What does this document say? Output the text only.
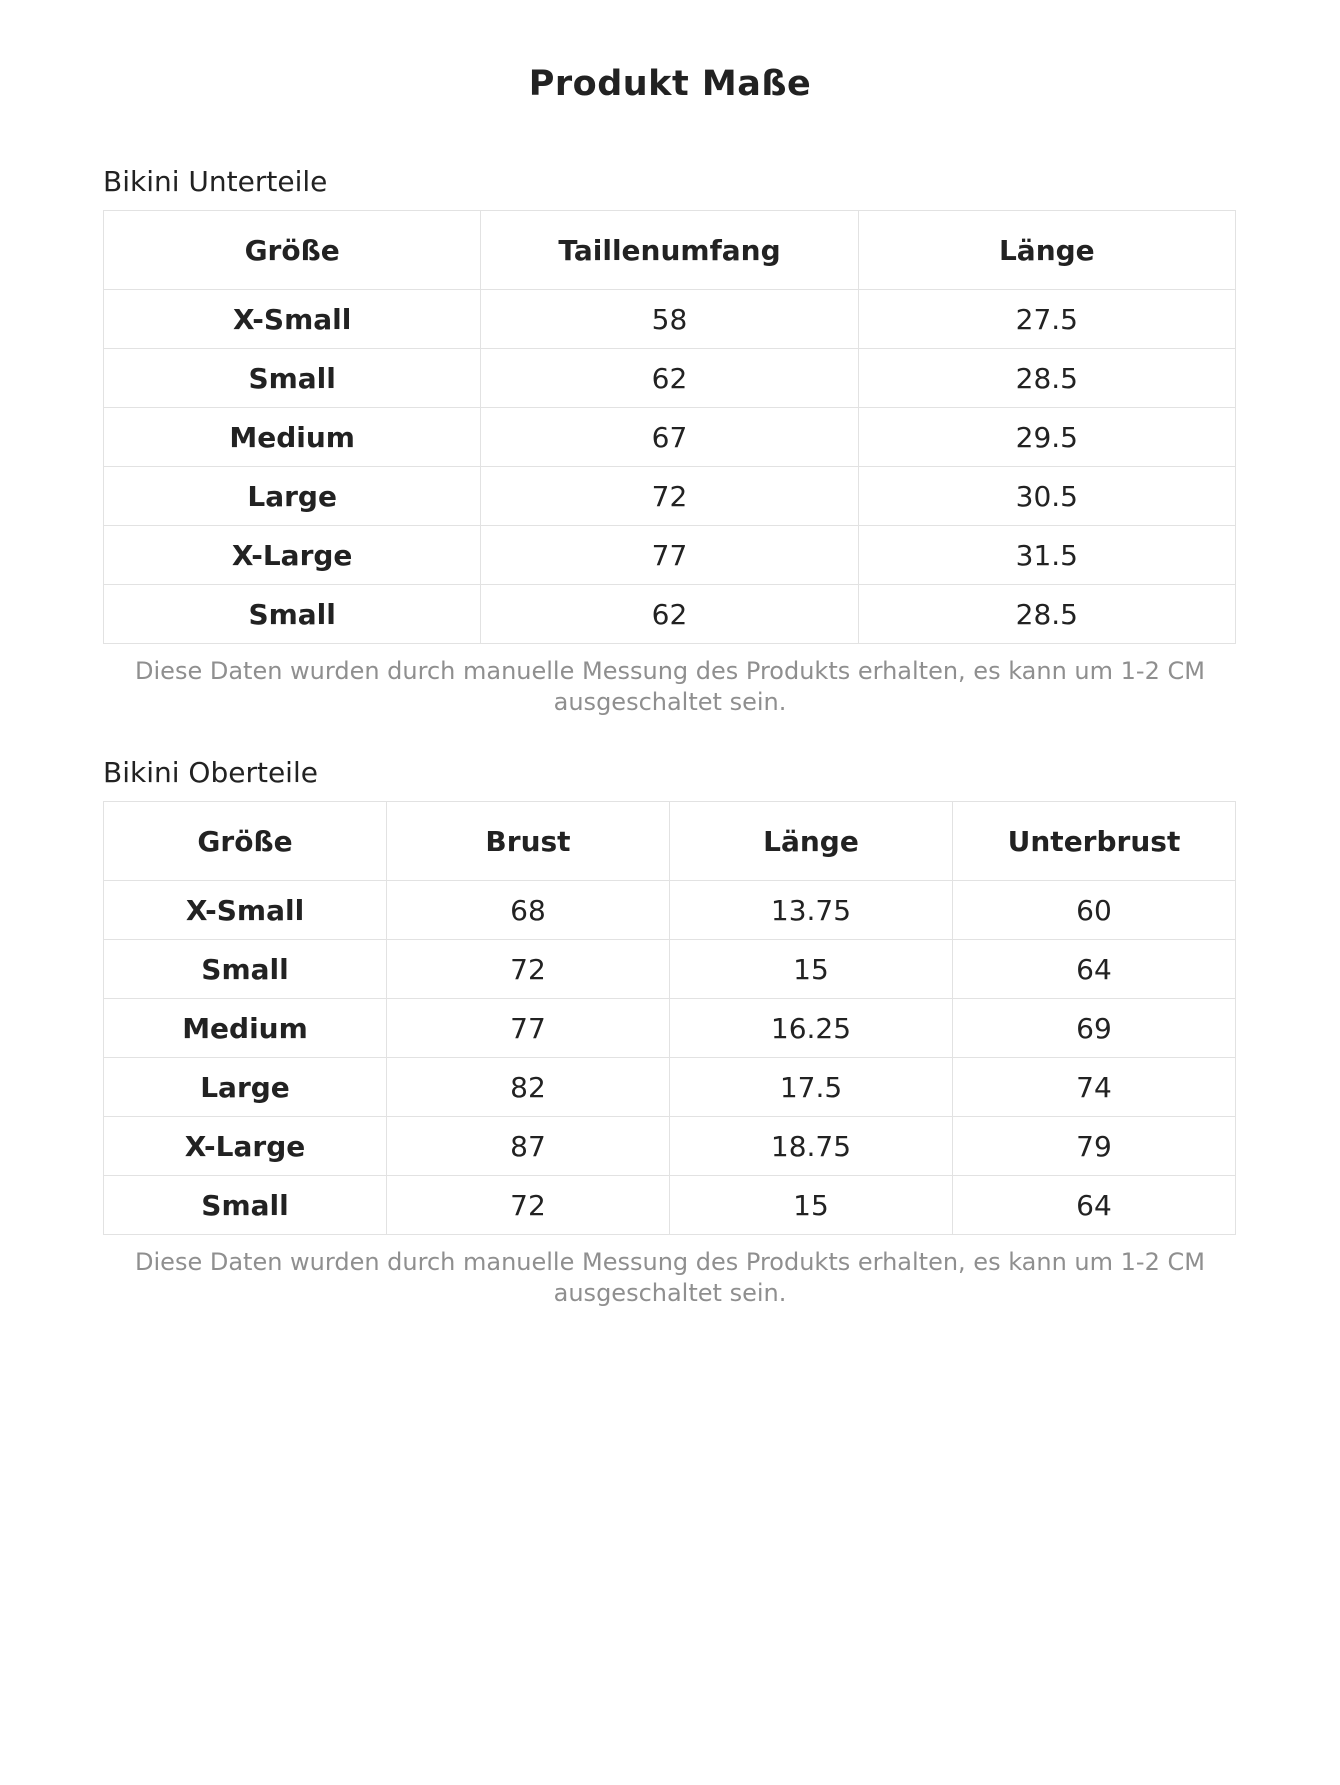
Produkt Maße
Bikini Unterteile
Größe	Taillenumfang	Länge
X-Small	58	27.5
Small	62	28.5
Medium	67	29.5
Large	72	30.5
X-Large	77	31.5
Small	62	28.5
Diese Daten wurden durch manuelle Messung des Produkts erhalten, es kann um 1-2 CM ausgeschaltet sein.
Bikini Oberteile
Größe	Brust	Länge	Unterbrust
X-Small	68	13.75	60
Small	72	15	64
Medium	77	16.25	69
Large	82	17.5	74
X-Large	87	18.75	79
Small	72	15	64
Diese Daten wurden durch manuelle Messung des Produkts erhalten, es kann um 1-2 CM ausgeschaltet sein.
